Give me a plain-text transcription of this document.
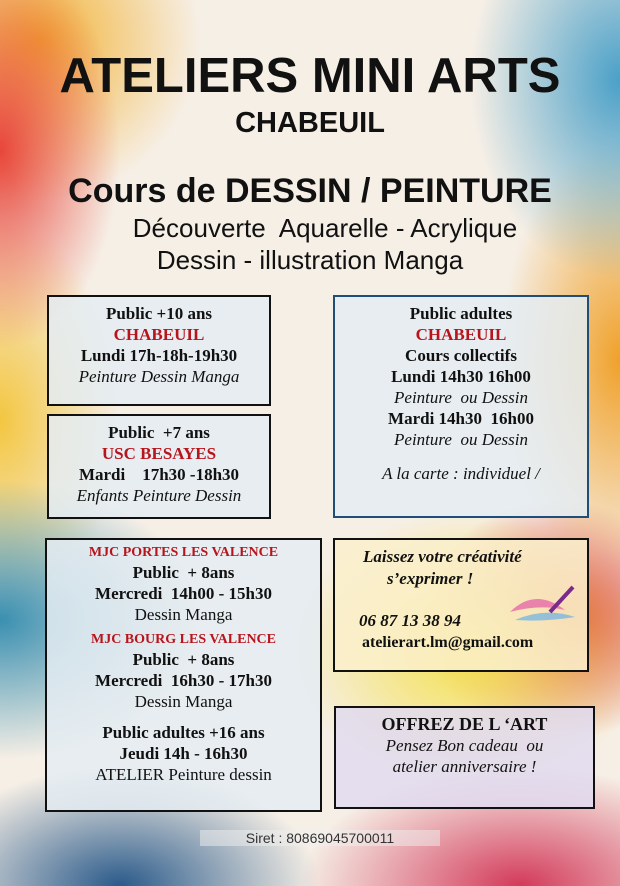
ATELIERS MINI ARTS
CHABEUIL
Cours de DESSIN / PEINTURE
Découverte  Aquarelle - Acrylique
Dessin - illustration Manga
Public +10 ans
CHABEUIL
Lundi 17h-18h-19h30
Peinture Dessin Manga
Public  +7 ans
USC BESAYES
Mardi    17h30 -18h30
Enfants Peinture Dessin
Public adultes
CHABEUIL
Cours collectifs
Lundi 14h30 16h00
Peinture  ou Dessin
Mardi 14h30  16h00
Peinture  ou Dessin
A la carte : individuel /
MJC PORTES LES VALENCE
Public  + 8ans
Mercredi  14h00 - 15h30
Dessin Manga
MJC BOURG LES VALENCE
Public  + 8ans
Mercredi  16h30 - 17h30
Dessin Manga
Public adultes +16 ans
Jeudi 14h - 16h30
ATELIER Peinture dessin
Laissez votre créativité
s’exprimer !
06 87 13 38 94
atelierart.lm@gmail.com
OFFREZ DE L ‘ART
Pensez Bon cadeau  ou
atelier anniversaire !
Siret : 80869045700011
